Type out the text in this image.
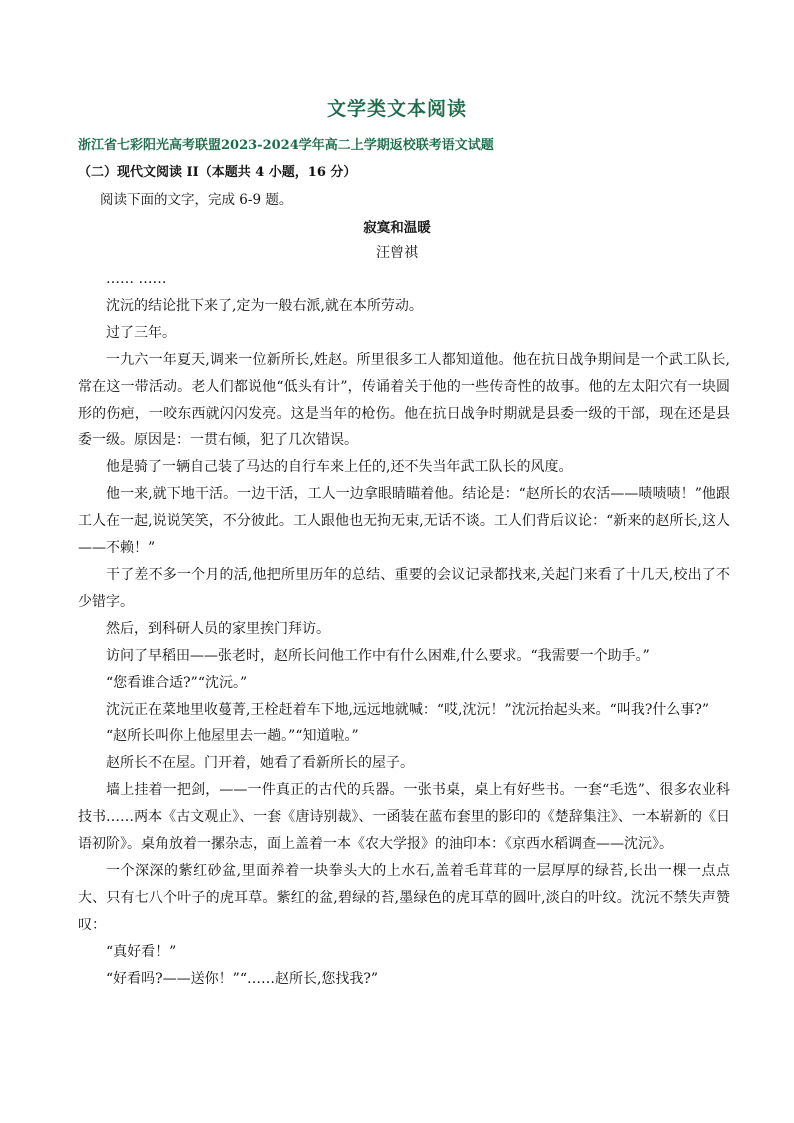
文学类文本阅读
浙江省七彩阳光高考联盟2023-2024学年高二上学期返校联考语文试题
（二）现代文阅读 II（本题共 4 小题，16 分）
阅读下面的文字，完成 6-9 题。
寂寞和温暖
汪曾祺

…… ……

沈沅的结论批下来了,定为一般右派,就在本所劳动。

过了三年。

一九六一年夏天,调来一位新所长,姓赵。所里很多工人都知道他。他在抗日战争期间是一个武工队长,常在这一带活动。老人们都说他“低头有计”，传诵着关于他的一些传奇性的故事。他的左太阳穴有一块圆形的伤疤，一咬东西就闪闪发亮。这是当年的枪伤。他在抗日战争时期就是县委一级的干部，现在还是县委一级。原因是：一贯右倾，犯了几次错误。

他是骑了一辆自己装了马达的自行车来上任的,还不失当年武工队长的风度。

他一来,就下地干活。一边干活，工人一边拿眼睛瞄着他。结论是：“赵所长的农活——啧啧啧！”他跟工人在一起,说说笑笑，不分彼此。工人跟他也无拘无束,无话不谈。工人们背后议论：“新来的赵所长,这人——不赖！”

干了差不多一个月的活,他把所里历年的总结、重要的会议记录都找来,关起门来看了十几天,校出了不少错字。

然后，到科研人员的家里挨门拜访。

访问了早稻田——张老时，赵所长问他工作中有什么困难,什么要求。“我需要一个助手。”

“您看谁合适?”“沈沅。”

沈沅正在菜地里收蔓菁,王栓赶着车下地,远远地就喊：“哎,沈沅！”沈沅抬起头来。“叫我?什么事?”

“赵所长叫你上他屋里去一趟。”“知道啦。”

赵所长不在屋。门开着，她看了看新所长的屋子。

墙上挂着一把剑，——一件真正的古代的兵器。一张书桌，桌上有好些书。一套“毛选”、很多农业科技书……两本《古文观止》、一套《唐诗别裁》、一函装在蓝布套里的影印的《楚辞集注》、一本崭新的《日语初阶》。桌角放着一摞杂志，面上盖着一本《农大学报》的油印本：《京西水稻调查——沈沅》。

一个深深的紫红砂盆,里面养着一块拳头大的上水石,盖着毛茸茸的一层厚厚的绿苔,长出一棵一点点大、只有七八个叶子的虎耳草。紫红的盆,碧绿的苔,墨绿色的虎耳草的圆叶,淡白的叶纹。沈沅不禁失声赞叹：

“真好看！”

“好看吗?——送你！”“……赵所长,您找我?”
